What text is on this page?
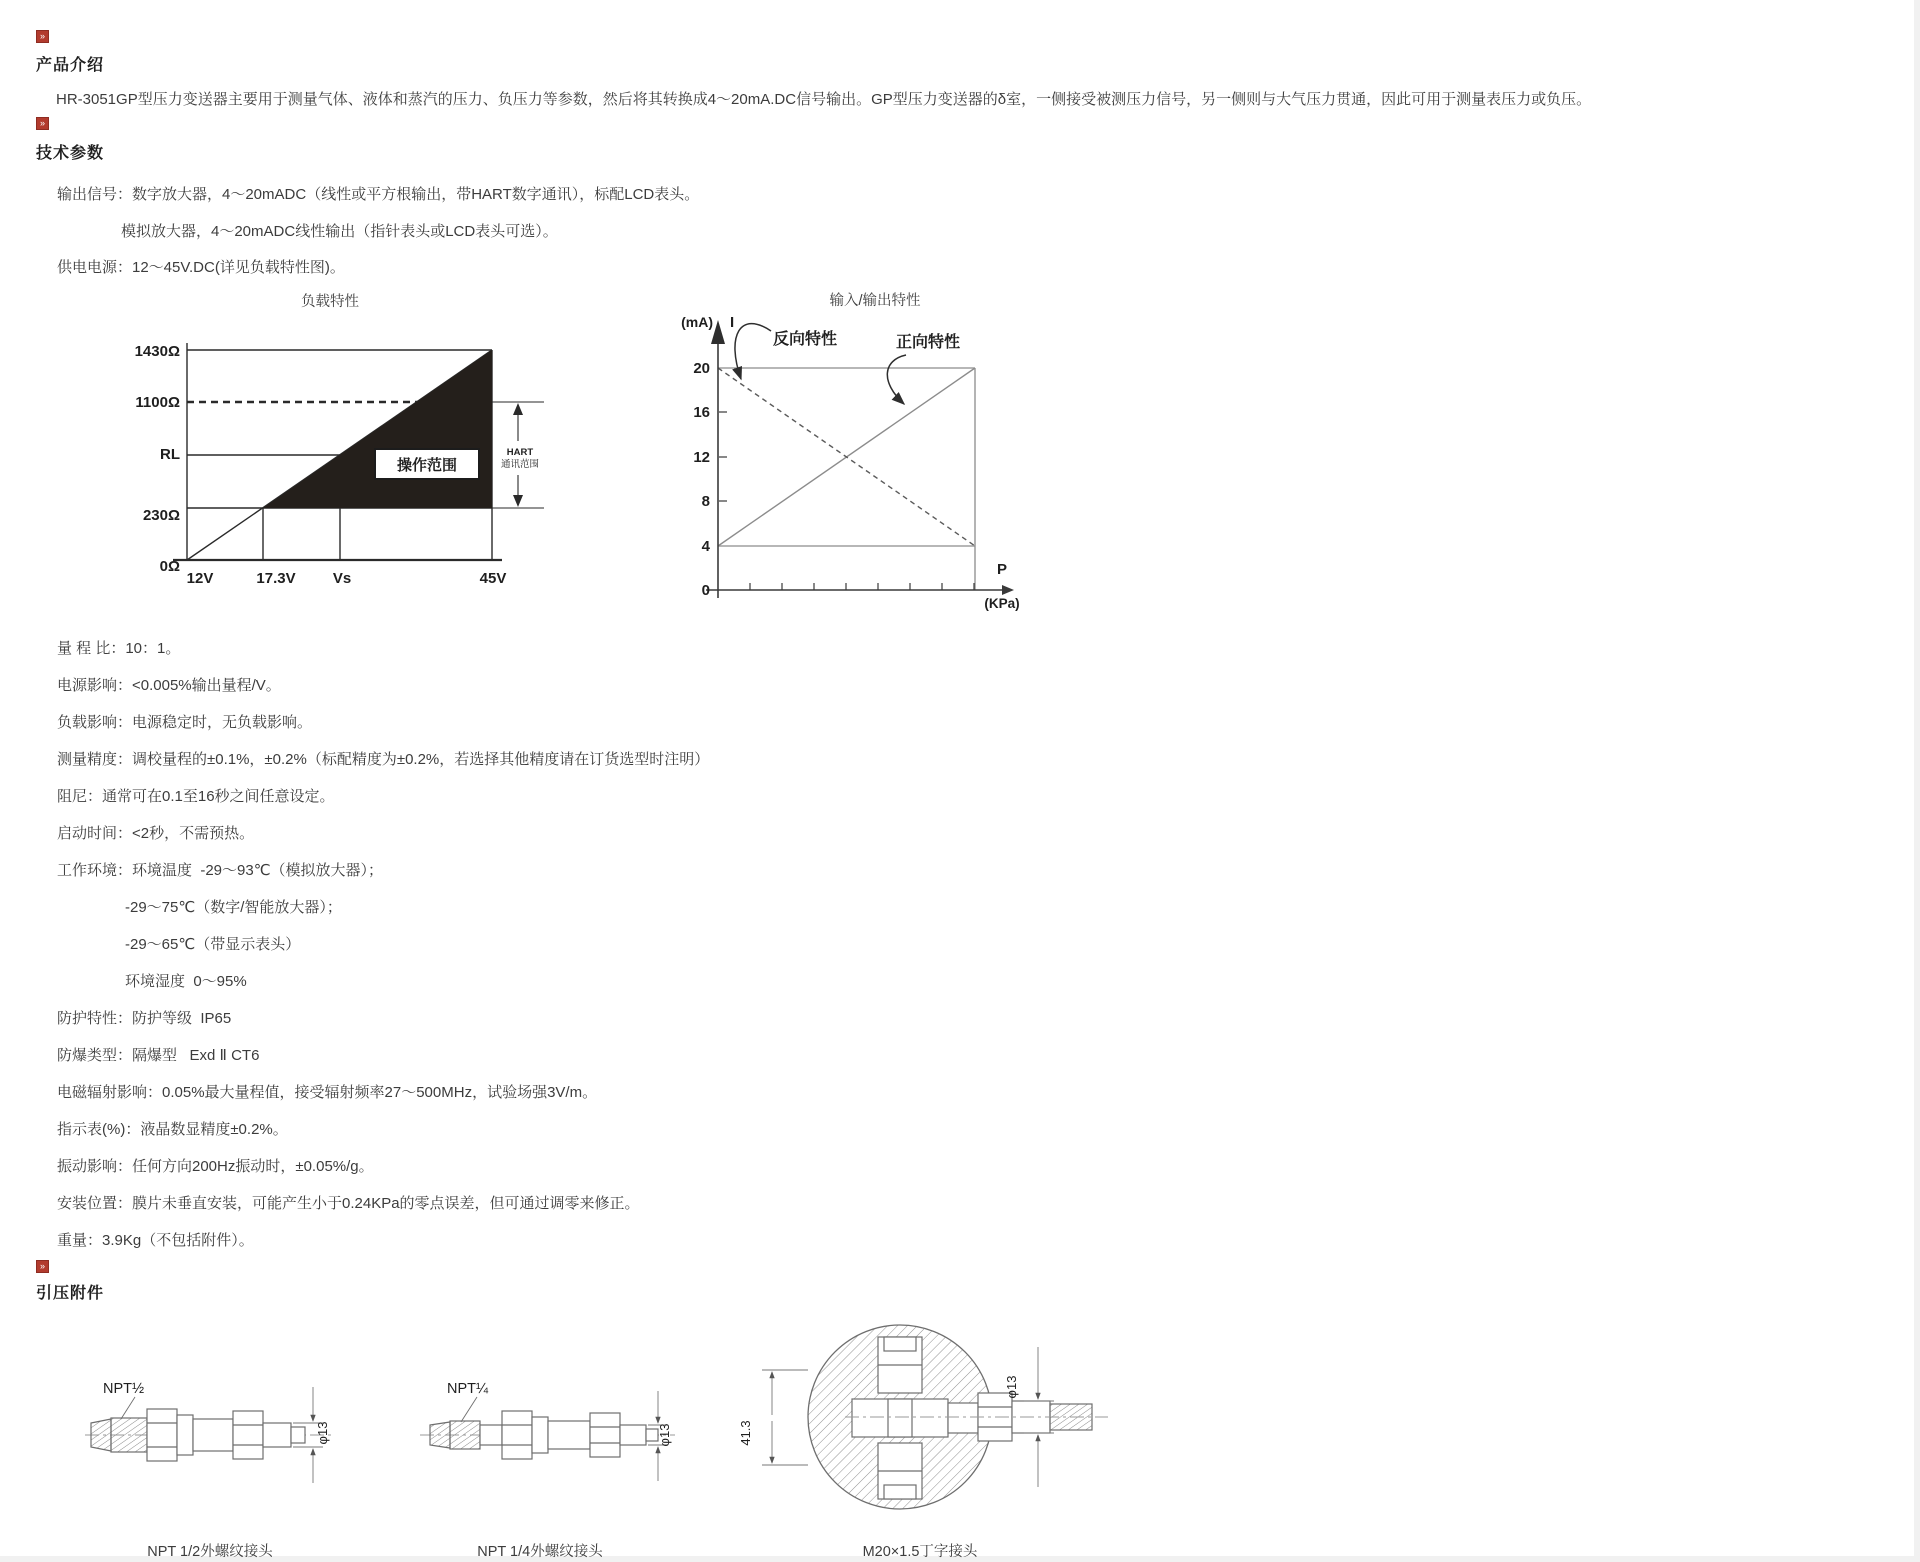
»
产品介绍
HR-3051GP型压力变送器主要用于测量气体、液体和蒸汽的压力、负压力等参数，然后将其转换成4～20mA.DC信号输出。GP型压力变送器的δ室，一侧接受被测压力信号，另一侧则与大气压力贯通，因此可用于测量表压力或负压。
»
技术参数
输出信号：数字放大器，4～20mADC（线性或平方根输出，带HART数字通讯），标配LCD表头。
模拟放大器，4～20mADC线性输出（指针表头或LCD表头可选）。
供电电源：12～45V.DC(详见负载特性图)。
负载特性	输入/输出特性
操作范围
1430Ω
1100Ω
RL
230Ω
0Ω
12V	17.3V Vs	45V
HART
通讯范围
20
16
12
8
4
0
(mA) I
P
(KPa)
反向特性	正向特性
量 程 比：10：1。
电源影响：<0.005%输出量程/V。
负载影响：电源稳定时，无负载影响。
测量精度：调校量程的±0.1%，±0.2%（标配精度为±0.2%，若选择其他精度请在订货选型时注明）
阻尼：通常可在0.1至16秒之间任意设定。
启动时间：<2秒，不需预热。
工作环境：环境温度  -29～93℃（模拟放大器）；
-29～75℃（数字/智能放大器）；
-29～65℃（带显示表头）
环境湿度  0～95%
防护特性：防护等级  IP65
防爆类型：隔爆型   Exd Ⅱ CT6
电磁辐射影响：0.05%最大量程值，接受辐射频率27～500MHz，试验场强3V/m。
指示表(%)：液晶数显精度±0.2%。
振动影响：任何方向200Hz振动时，±0.05%/g。
安装位置：膜片未垂直安装，可能产生小于0.24KPa的零点误差，但可通过调零来修正。
重量：3.9Kg（不包括附件）。
»
引压附件
NPT½
φ13
NPT¼
φ13	41.3
φ13
NPT 1/2外螺纹接头	NPT 1/4外螺纹接头	M20×1.5丁字接头
